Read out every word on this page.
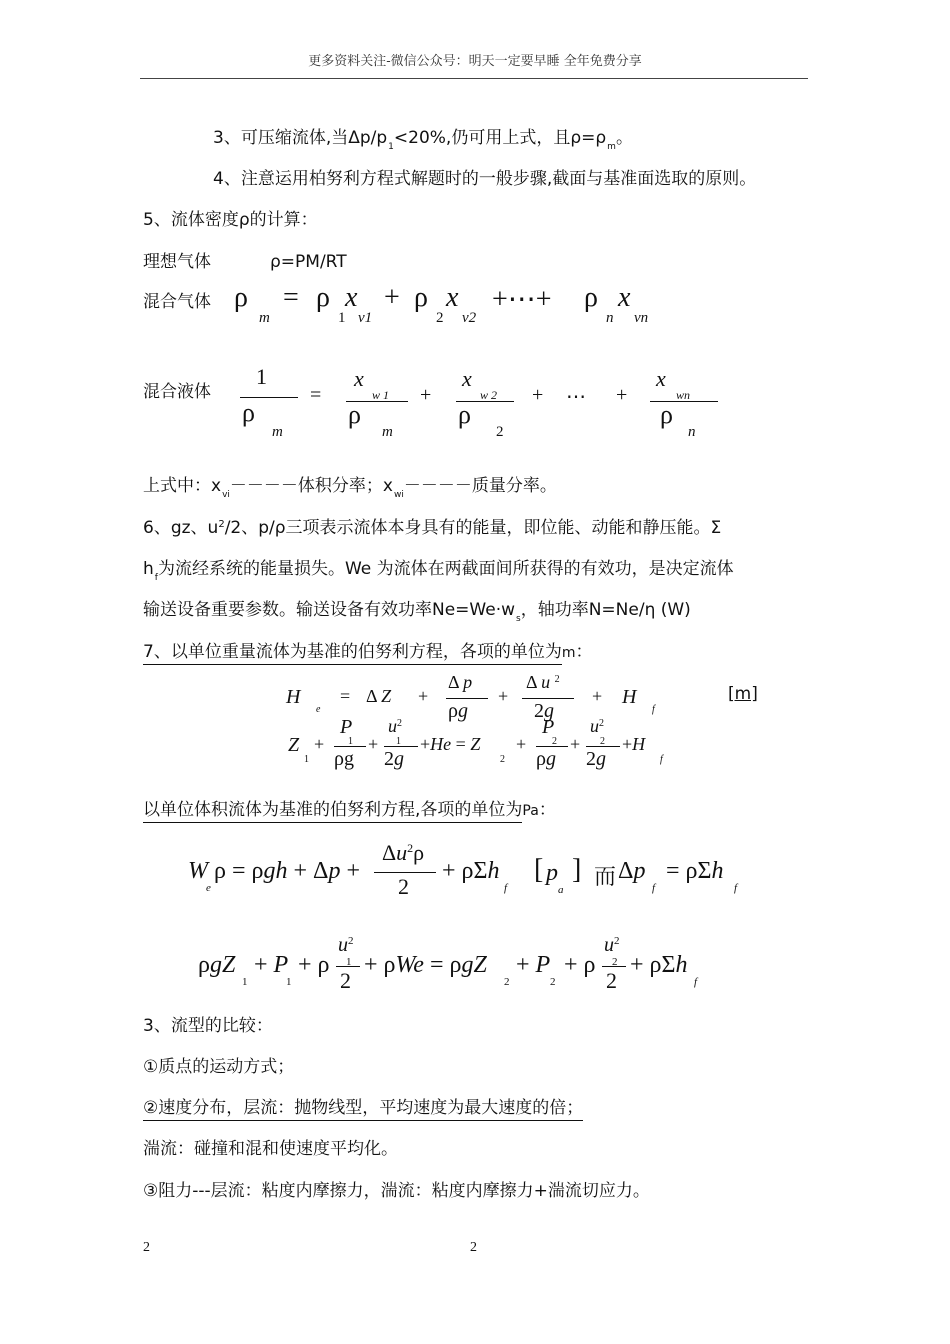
更多资料关注-微信公众号：明天一定要早睡 全年免费分享
3、可压缩流体,当$\Delta p/p_1<20\%$,仍可用上式，且$\rho=\rho_m$。
4、注意运用柏努利方程式解题时的一般步骤,截面与基准面选取的原则。
5、流体密度ρ的计算：
理想气体	ρ=PM/RT
混合气体 ρ
m
= ρ
1
x
v1
+ ρ
2
x
v2
+⋯+ ρ
n
x
vn
混合液体
1
ρ
m
=
x
w 1
ρ
m
+
x
w 2
ρ
2
+ ⋯ +
x
wn
ρ
n
上式中：$x_{vi}----$体积分率；$x_{wi}----$质量分率。
6、gz、$u^2/2$、p/ρ三项表示流体本身具有的能量，即位能、动能和静压能。Σ
$h_f$为流经系统的能量损失。We 为流体在两截面间所获得的有效功，是决定流体
输送设备重要参数。输送设备有效功率$Ne=We\cdot w_s$，轴功率N=Ne/η (W)
7、以单位重量流体为基准的伯努利方程，各项的单位为m：
H
e
= Δ Z +
Δ p
ρg
+
Δ u $^2$
2g
+ H
f
[m]
Z
1
+
P
1
ρg
+
$u^2$
1
2g
+He = Z
2
+
P
2
ρg
+
$u^2$
2
2g
+H
f
以单位体积流体为基准的伯努利方程,各项的单位为Pa：
W
e
ρ = ρgh + Δp +
$\Delta u^2\rho$
2
+ ρΣh
f
[ p
a
] 而 Δp
f
= ρΣh
f
ρgZ
1
+ P
1
+ ρ
$u^2$
1
2
+ ρWe = ρgZ
2
+ P
2
+ ρ
$u^2$
2
2
+ ρΣh
f
3、流型的比较：
①质点的运动方式；
②速度分布，层流：抛物线型，平均速度为最大速度的倍；
湍流：碰撞和混和使速度平均化。
③阻力---层流：粘度内摩擦力，湍流：粘度内摩擦力+湍流切应力。
2	2
